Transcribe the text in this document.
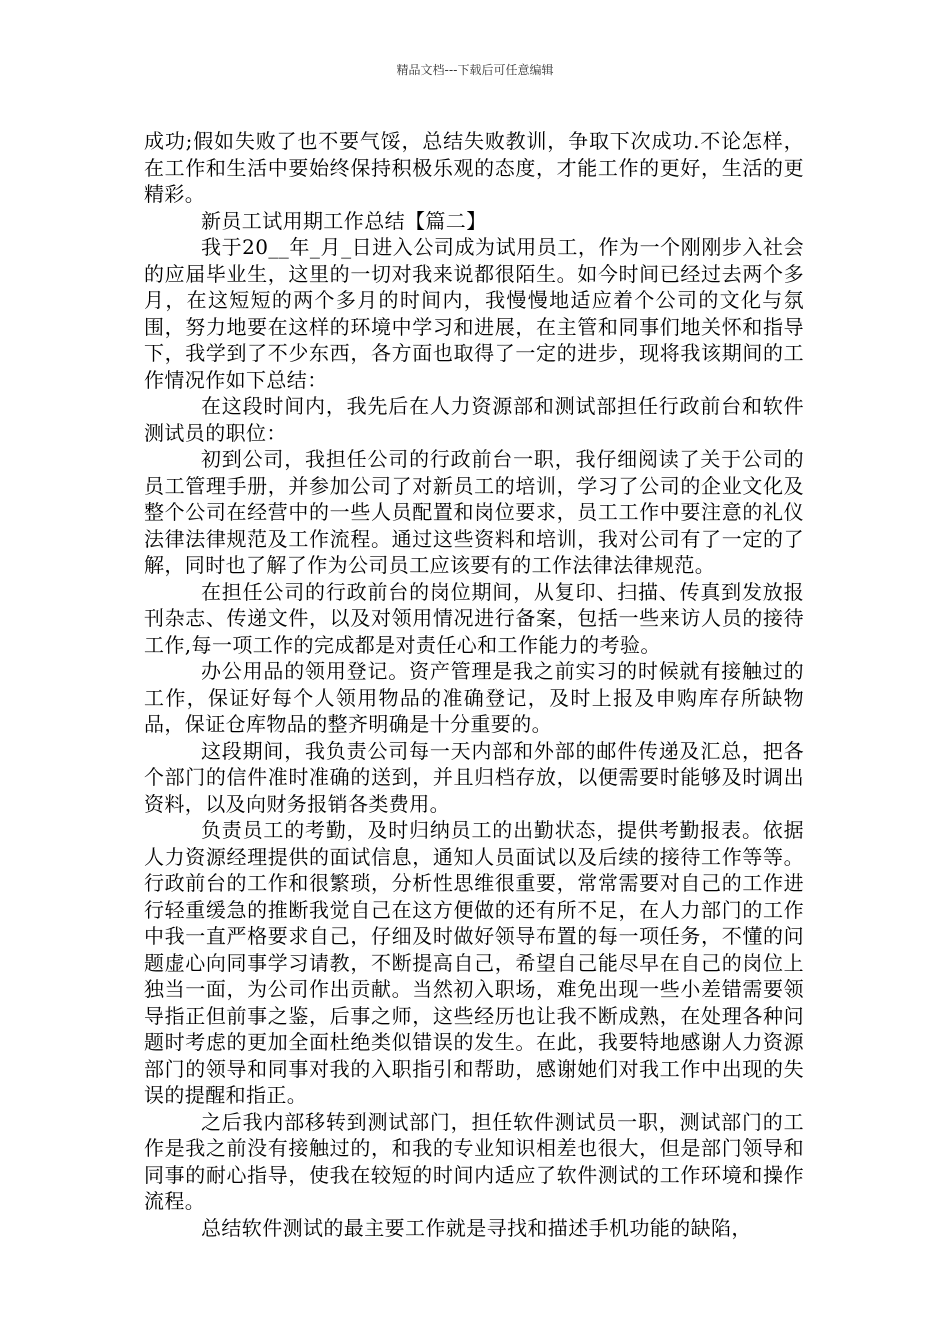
精品文档---下载后可任意编辑

成功;假如失败了也不要气馁，总结失败教训，争取下次成功.不论怎样，在工作和生活中要始终保持积极乐观的态度，才能工作的更好，生活的更精彩。

新员工试用期工作总结【篇二】

我于20__年_月_日进入公司成为试用员工，作为一个刚刚步入社会的应届毕业生，这里的一切对我来说都很陌生。如今时间已经过去两个多月，在这短短的两个多月的时间内，我慢慢地适应着个公司的文化与氛围，努力地要在这样的环境中学习和进展，在主管和同事们地关怀和指导下，我学到了不少东西，各方面也取得了一定的进步，现将我该期间的工作情况作如下总结：

在这段时间内，我先后在人力资源部和测试部担任行政前台和软件测试员的职位：

初到公司，我担任公司的行政前台一职，我仔细阅读了关于公司的员工管理手册，并参加公司了对新员工的培训，学习了公司的企业文化及整个公司在经营中的一些人员配置和岗位要求，员工工作中要注意的礼仪法律法律规范及工作流程。通过这些资料和培训，我对公司有了一定的了解，同时也了解了作为公司员工应该要有的工作法律法律规范。

在担任公司的行政前台的岗位期间，从复印、扫描、传真到发放报刊杂志、传递文件，以及对领用情况进行备案，包括一些来访人员的接待工作,每一项工作的完成都是对责任心和工作能力的考验。

办公用品的领用登记。资产管理是我之前实习的时候就有接触过的工作，保证好每个人领用物品的准确登记，及时上报及申购库存所缺物品，保证仓库物品的整齐明确是十分重要的。

这段期间，我负责公司每一天内部和外部的邮件传递及汇总，把各个部门的信件准时准确的送到，并且归档存放，以便需要时能够及时调出资料，以及向财务报销各类费用。

负责员工的考勤，及时归纳员工的出勤状态，提供考勤报表。依据人力资源经理提供的面试信息，通知人员面试以及后续的接待工作等等。行政前台的工作和很繁琐，分析性思维很重要，常常需要对自己的工作进行轻重缓急的推断我觉自己在这方便做的还有所不足，在人力部门的工作中我一直严格要求自己，仔细及时做好领导布置的每一项任务，不懂的问题虚心向同事学习请教，不断提高自己，希望自己能尽早在自己的岗位上独当一面，为公司作出贡献。当然初入职场，难免出现一些小差错需要领导指正但前事之鉴，后事之师，这些经历也让我不断成熟，在处理各种问题时考虑的更加全面杜绝类似错误的发生。在此，我要特地感谢人力资源部门的领导和同事对我的入职指引和帮助，感谢她们对我工作中出现的失误的提醒和指正。

之后我内部移转到测试部门，担任软件测试员一职，测试部门的工作是我之前没有接触过的，和我的专业知识相差也很大，但是部门领导和同事的耐心指导，使我在较短的时间内适应了软件测试的工作环境和操作流程。

总结软件测试的最主要工作就是寻找和描述手机功能的缺陷，
